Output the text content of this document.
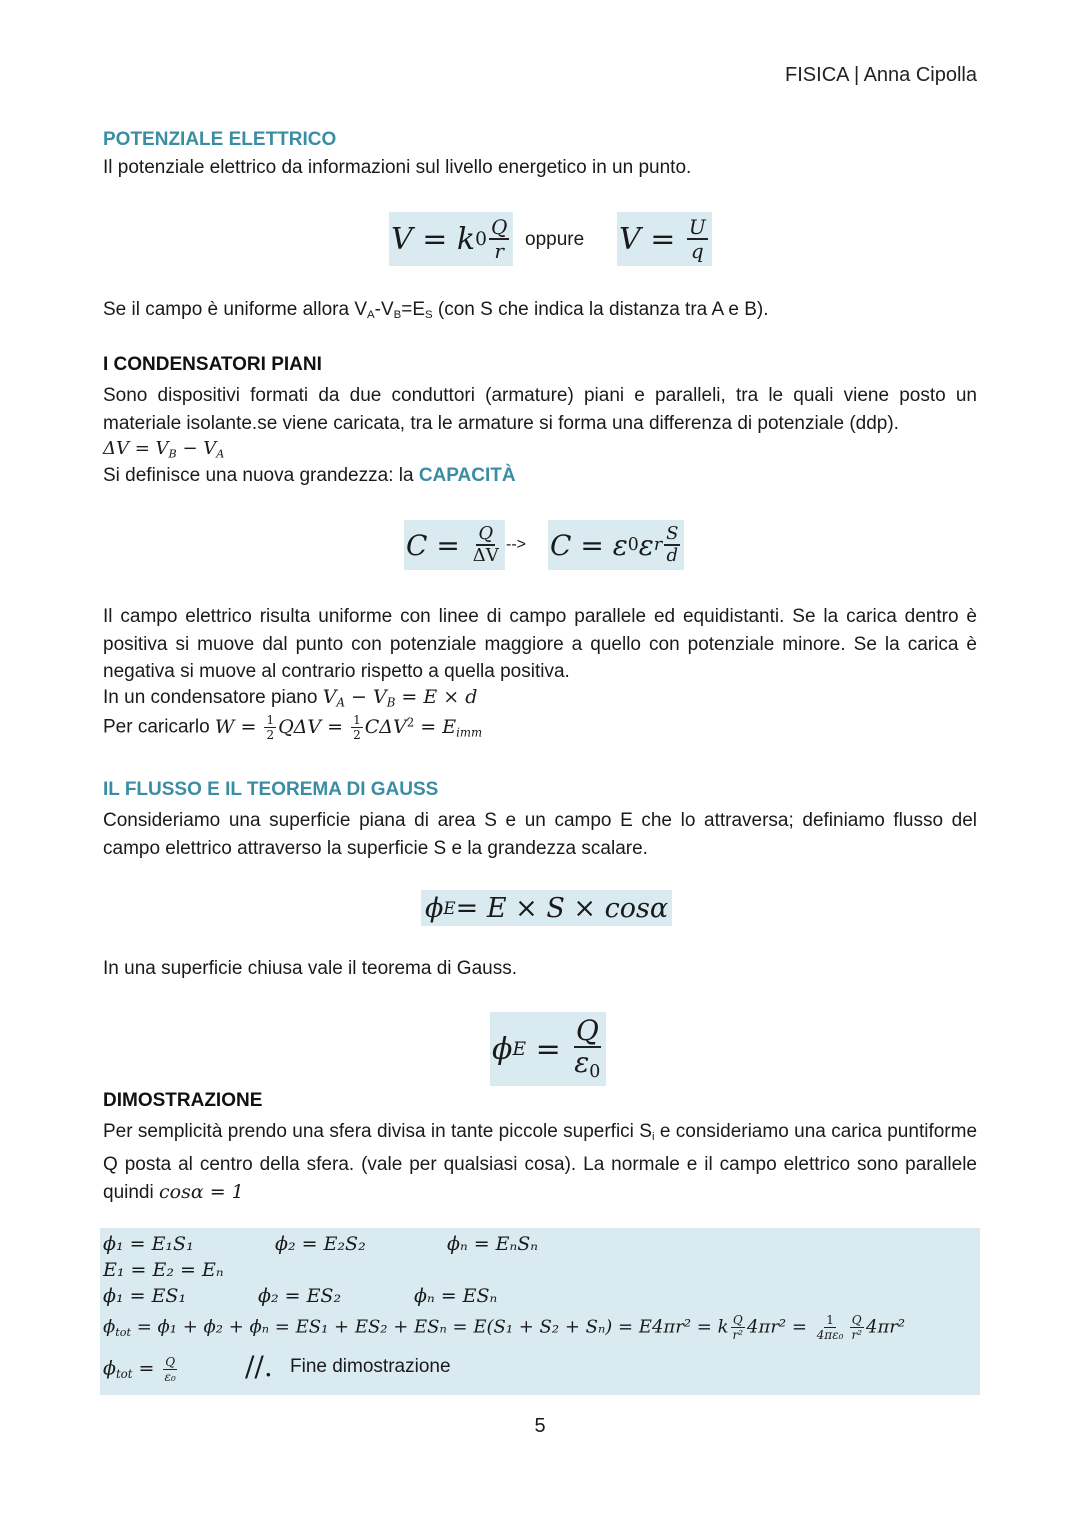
FISICA | Anna Cipolla
POTENZIALE ELETTRICO
Il potenziale elettrico da informazioni sul livello energetico in un punto.
V
=
k $0 \frac{Q}{r}$ oppure V
=
$\frac{U}{q}$
Se il campo è uniforme allora VA-VB=ES (con S che indica la distanza tra A e B).
I CONDENSATORI PIANI
Sono dispositivi formati da due conduttori (armature) piani e paralleli, tra le quali viene posto un materiale isolante.se viene caricata, tra le armature si forma una differenza di potenziale (ddp).
$\Delta V = V_B - V_A$
Si definisce una nuova grandezza: la CAPACITÀ
C
=
$\frac{Q}{\Delta V}$ --> C
=
ε 0 ε r $\frac{S}{d}$
Il campo elettrico risulta uniforme con linee di campo parallele ed equidistanti. Se la carica dentro è positiva si muove dal punto con potenziale maggiore a quello con potenziale minore. Se la carica è negativa si muove al contrario rispetto a quella positiva.
In un condensatore piano $V_A - V_B = E \times d$
Per caricarlo $W = \frac{1}{2}$ $Q\Delta V = \frac{1}{2} C\Delta V^2 = E_{imm}$
IL FLUSSO E IL TEOREMA DI GAUSS
Consideriamo una superficie piana di area S e un campo E che lo attraversa; definiamo flusso del campo elettrico attraverso la superficie S e la grandezza scalare.
ϕ E = E × S × cosα
In una superficie chiusa vale il teorema di Gauss.
ϕ E
=
$\frac{Q}{\varepsilon_0}$
DIMOSTRAZIONE
Per semplicità prendo una sfera divisa in tante piccole superfici Si e consideriamo una carica puntiforme Q posta al centro della sfera. (vale per qualsiasi cosa). La normale e il campo elettrico sono parallele quindi cosα = 1
ϕ₁ = E₁S₁	ϕ₂ = E₂S₂	ϕₙ = EₙSₙ
E₁ = E₂ = Eₙ
ϕ₁ = ES₁	ϕ₂ = ES₂	ϕₙ = ESₙ
$\phi_{tot} = \phi_1 + \phi_2 + \phi_n = ES_1 + ES_2 + ES_n = E(S_1 + S_2 + S_n) = E4\pi r^2 = k \frac{Q}{\text{r²}} 4\pi r^2 = \frac{1}{\text{4πε₀}} \frac{Q}{\text{r²}} 4\pi r^2$
$\phi_{tot} = \frac{Q}{\text{ε₀}}$ //. Fine dimostrazione
5
